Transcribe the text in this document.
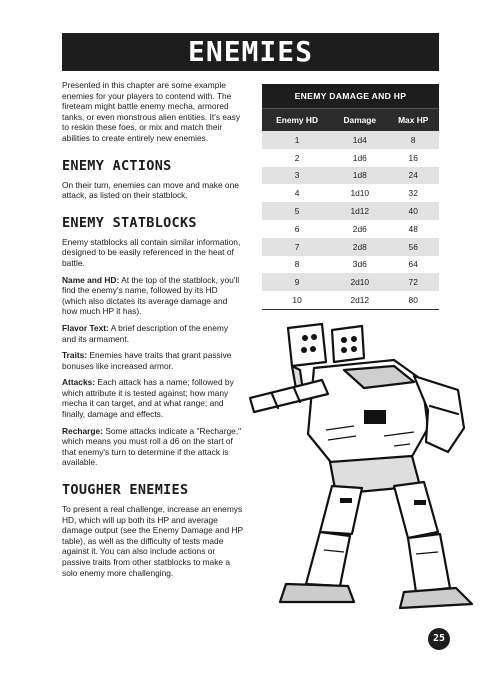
ENEMIES

Presented in this chapter are some example enemies for your players to contend with. The fireteam might battle enemy mecha, armored tanks, or even monstrous alien entities. It's easy to reskin these foes, or mix and match their abilities to create entirely new enemies.

ENEMY ACTIONS

On their turn, enemies can move and make one attack, as listed on their statblock.

ENEMY STATBLOCKS

Enemy statblocks all contain similar information, designed to be easily referenced in the heat of battle.

Name and HD: At the top of the statblock, you'll find the enemy's name, followed by its HD (which also dictates its average damage and how much HP it has).

Flavor Text: A brief description of the enemy and its armament.

Traits: Enemies have traits that grant passive bonuses like increased armor.

Attacks: Each attack has a name; followed by which attribute it is tested against; how many mecha it can target, and at what range; and finally, damage and effects.

Recharge: Some attacks indicate a "Recharge," which means you must roll a d6 on the start of that enemy's turn to determine if the attack is available.

TOUGHER ENEMIES

To present a real challenge, increase an enemys HD, which will up both its HP and average damage output (see the Enemy Damage and HP table), as well as the difficulty of tests made against it. You can also include actions or passive traits from other statblocks to make a solo enemy more challenging.

ENEMY DAMAGE AND HP
Enemy HD	Damage	Max HP
1	1d4	8
2	1d6	16
3	1d8	24
4	1d10	32
5	1d12	40
6	2d6	48
7	2d8	56
8	3d6	64
9	2d10	72
10	2d12	80
25
